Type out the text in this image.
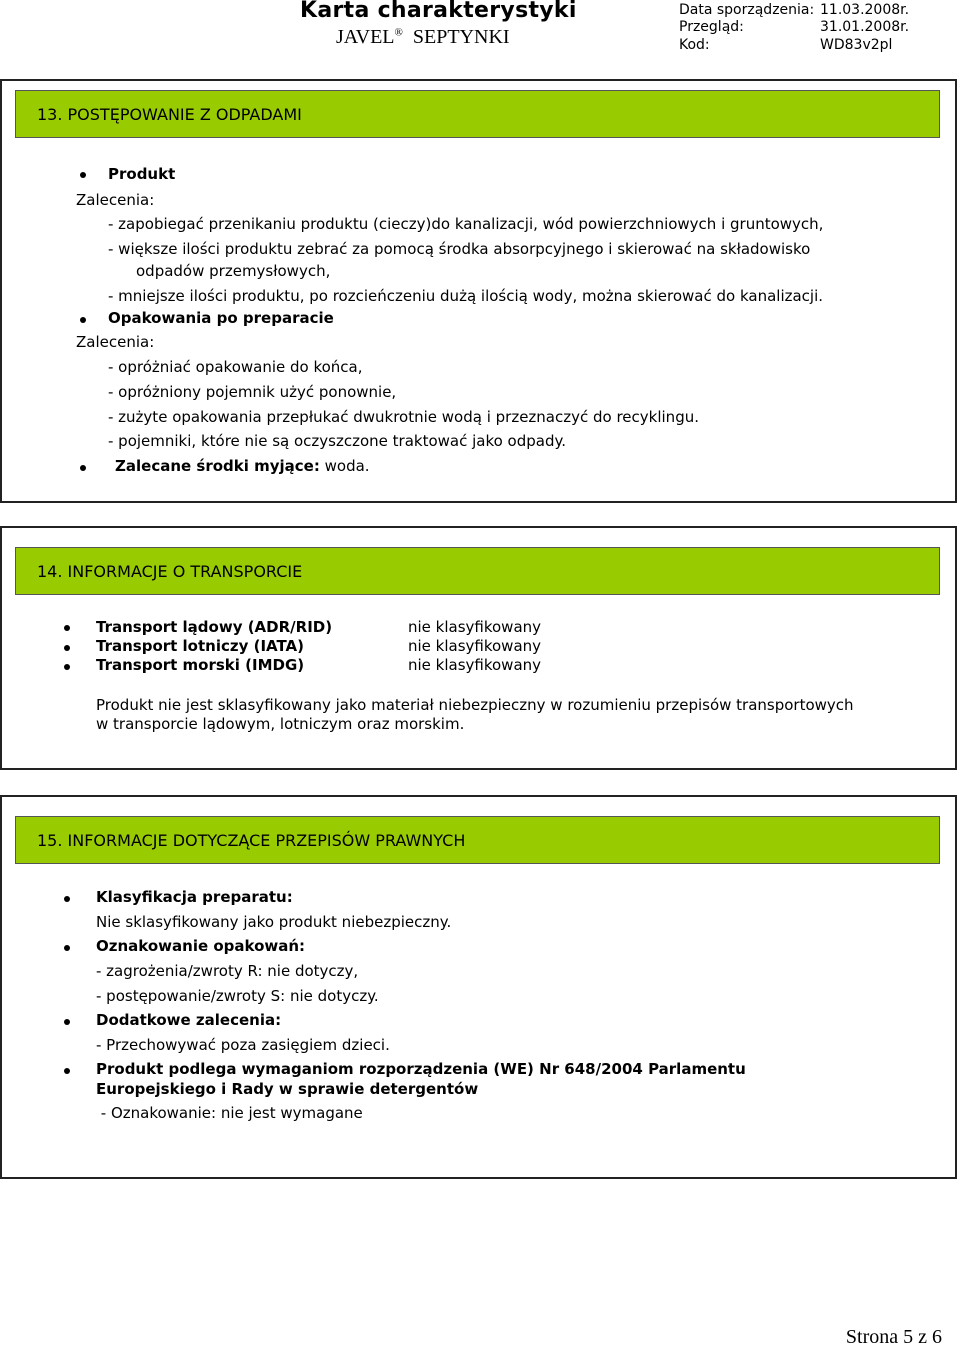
Karta charakterystyki
JAVEL® SEPTYNKI
Data sporządzenia: 11.03.2008r.
Przegląd:	31.01.2008r.
Kod:	WD83v2pl
13. POSTĘPOWANIE Z ODPADAMI
Produkt
Zalecenia:
- zapobiegać przenikaniu produktu (cieczy)do kanalizacji, wód powierzchniowych i gruntowych,
- większe ilości produktu zebrać za pomocą środka absorpcyjnego i skierować na składowisko
odpadów przemysłowych,
- mniejsze ilości produktu, po rozcieńczeniu dużą ilością wody, można skierować do kanalizacji.
Opakowania po preparacie
Zalecenia:
- opróżniać opakowanie do końca,
- opróżniony pojemnik użyć ponownie,
- zużyte opakowania przepłukać dwukrotnie wodą i przeznaczyć do recyklingu.
- pojemniki, które nie są oczyszczone traktować jako odpady.
Zalecane środki myjące: woda.
14. INFORMACJE O TRANSPORCIE
Transport lądowy (ADR/RID)	nie klasyfikowany
Transport lotniczy (IATA)	nie klasyfikowany
Transport morski (IMDG)	nie klasyfikowany
Produkt nie jest sklasyfikowany jako materiał niebezpieczny w rozumieniu przepisów transportowych
w transporcie lądowym, lotniczym oraz morskim.
15. INFORMACJE DOTYCZĄCE PRZEPISÓW PRAWNYCH
Klasyfikacja preparatu:
Nie sklasyfikowany jako produkt niebezpieczny.
Oznakowanie opakowań:
- zagrożenia/zwroty R: nie dotyczy,
- postępowanie/zwroty S: nie dotyczy.
Dodatkowe zalecenia:
- Przechowywać poza zasięgiem dzieci.
Produkt podlega wymaganiom rozporządzenia (WE) Nr 648/2004 Parlamentu
Europejskiego i Rady w sprawie detergentów
- Oznakowanie: nie jest wymagane
Strona 5 z 6
